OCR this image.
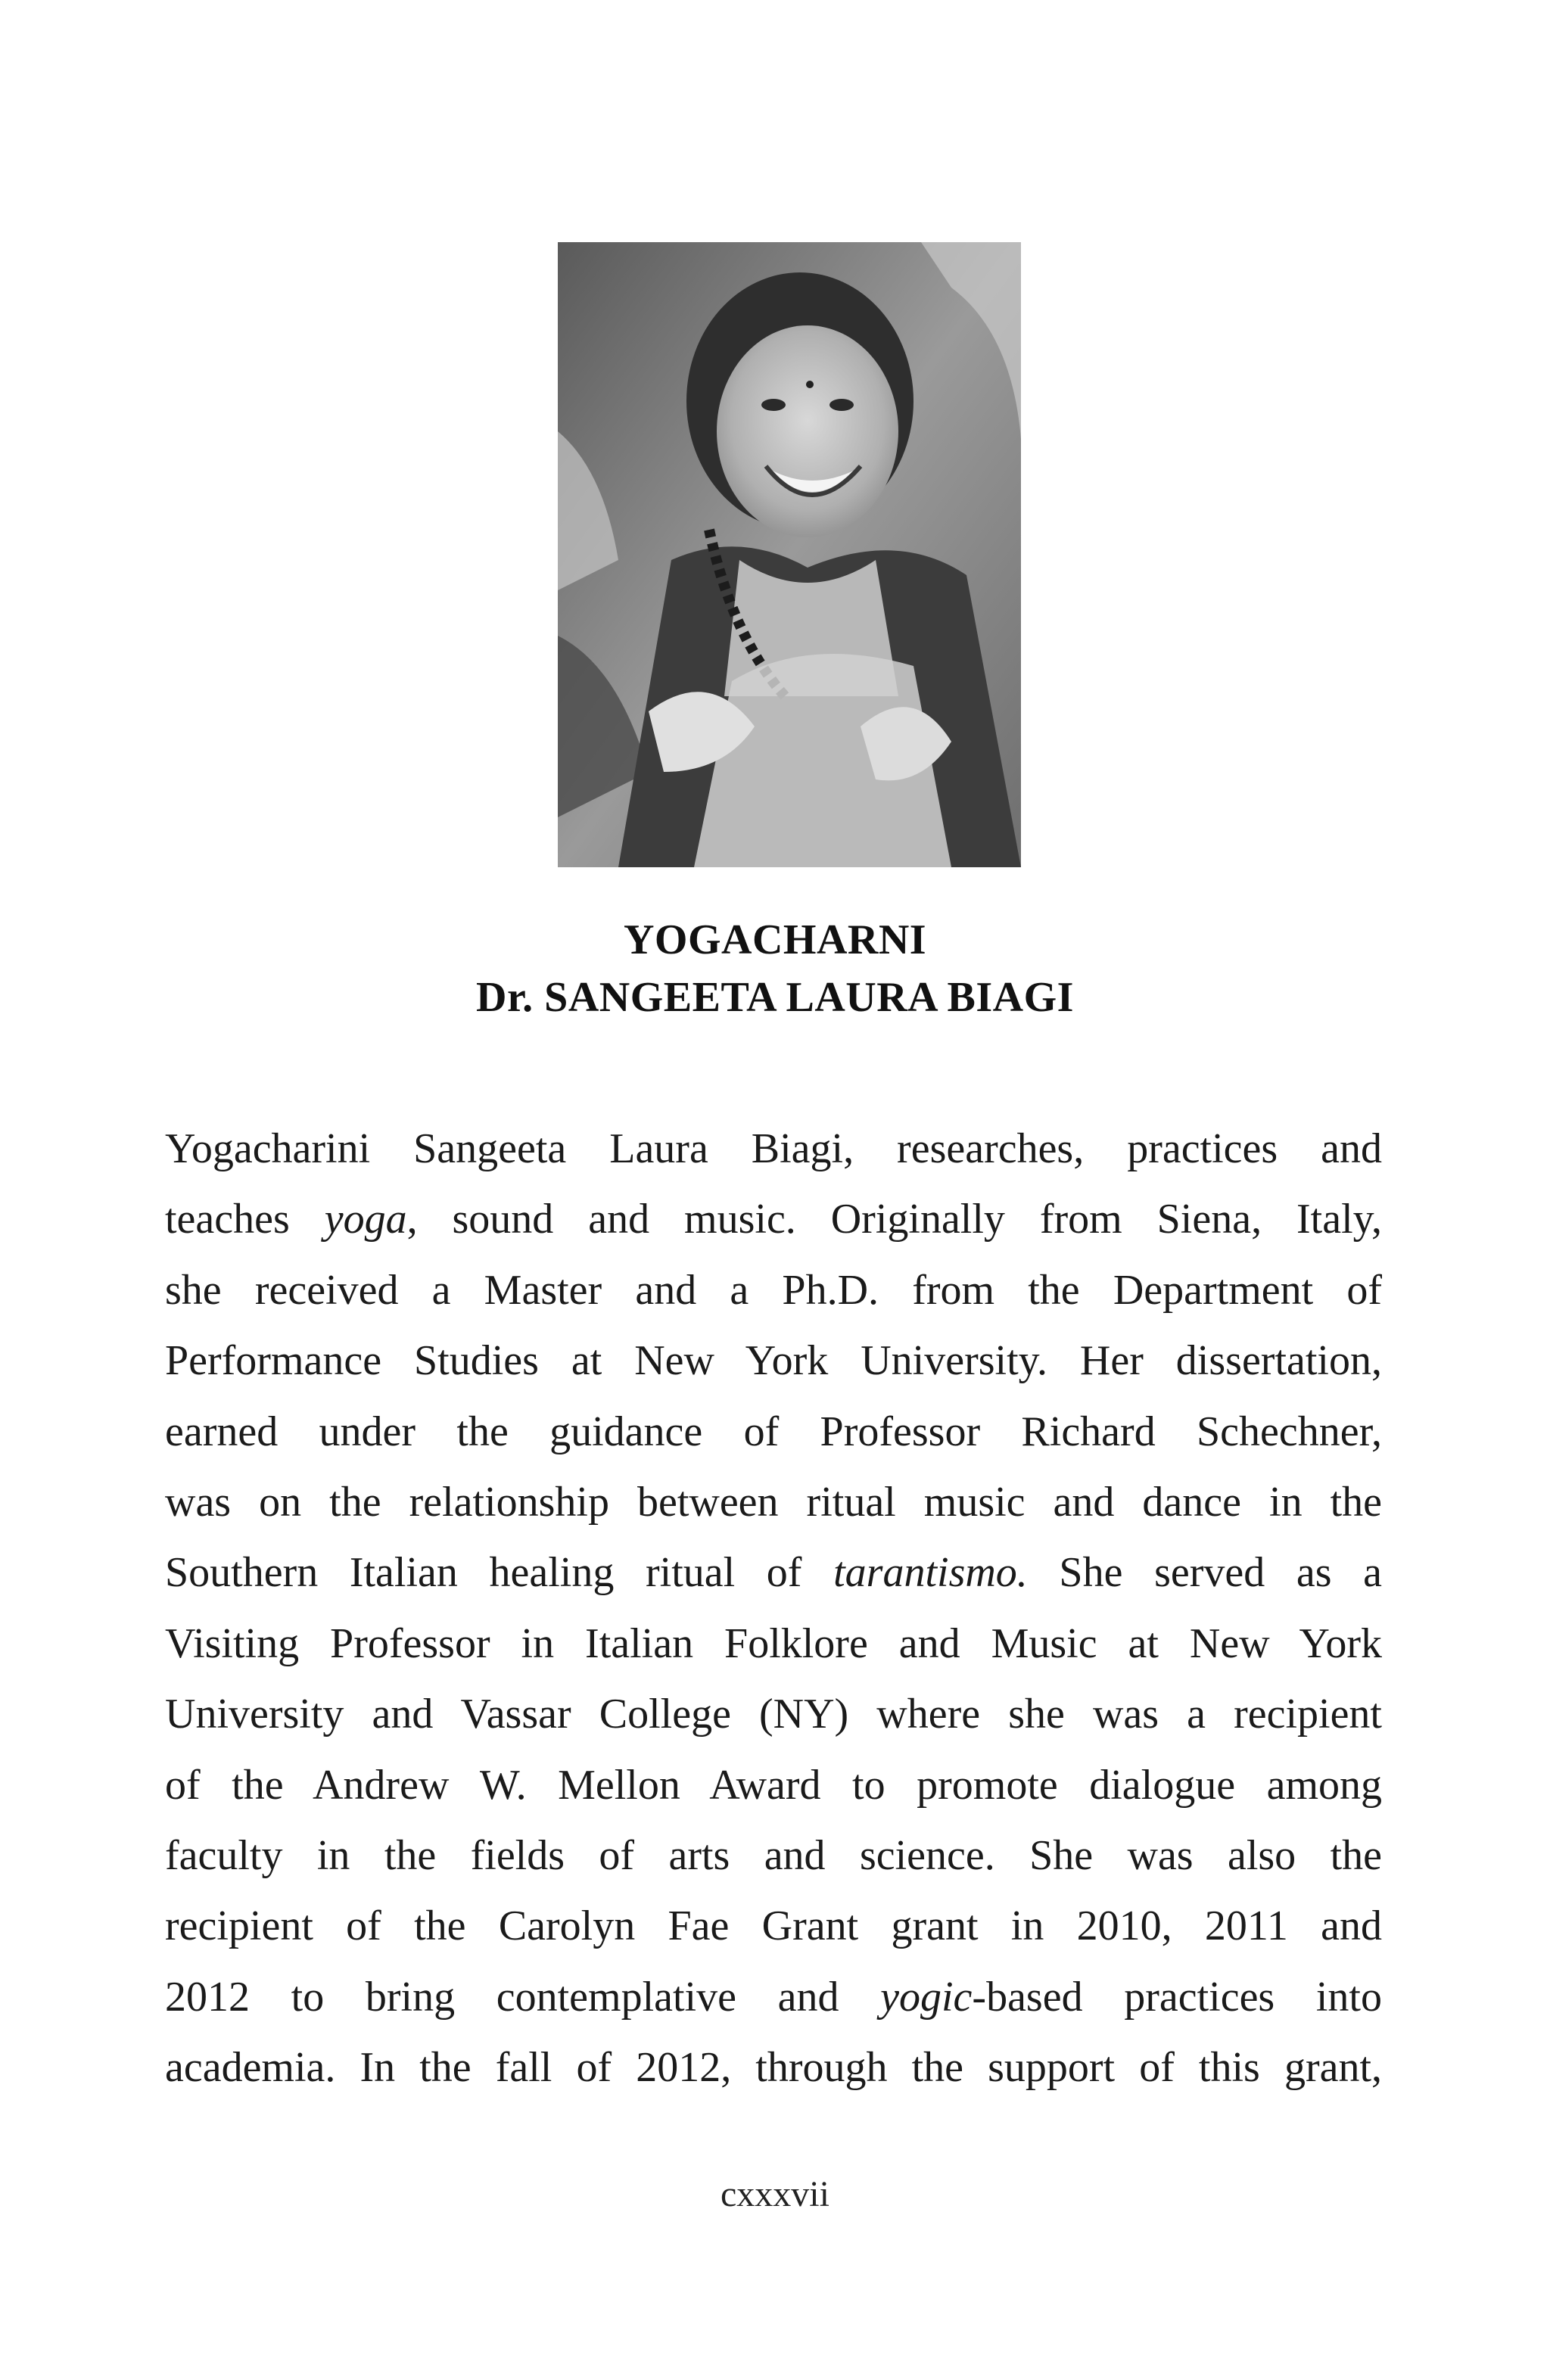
YOGACHARNI
Dr. SANGEETA LAURA BIAGI
Yogacharini Sangeeta Laura Biagi, researches, practices and
teaches yoga, sound and music. Originally from Siena, Italy,
she received a Master and a Ph.D. from the Department of
Performance Studies at New York University. Her dissertation,
earned under the guidance of Professor Richard Schechner,
was on the relationship between ritual music and dance in the
Southern Italian healing ritual of tarantismo. She served as a
Visiting Professor in Italian Folklore and Music at New York
University and Vassar College (NY) where she was a recipient
of the Andrew W. Mellon Award to promote dialogue among
faculty in the fields of arts and science. She was also the
recipient of the Carolyn Fae Grant grant in 2010, 2011 and
2012 to bring contemplative and yogic-based practices into
academia. In the fall of 2012, through the support of this grant,
cxxxvii
